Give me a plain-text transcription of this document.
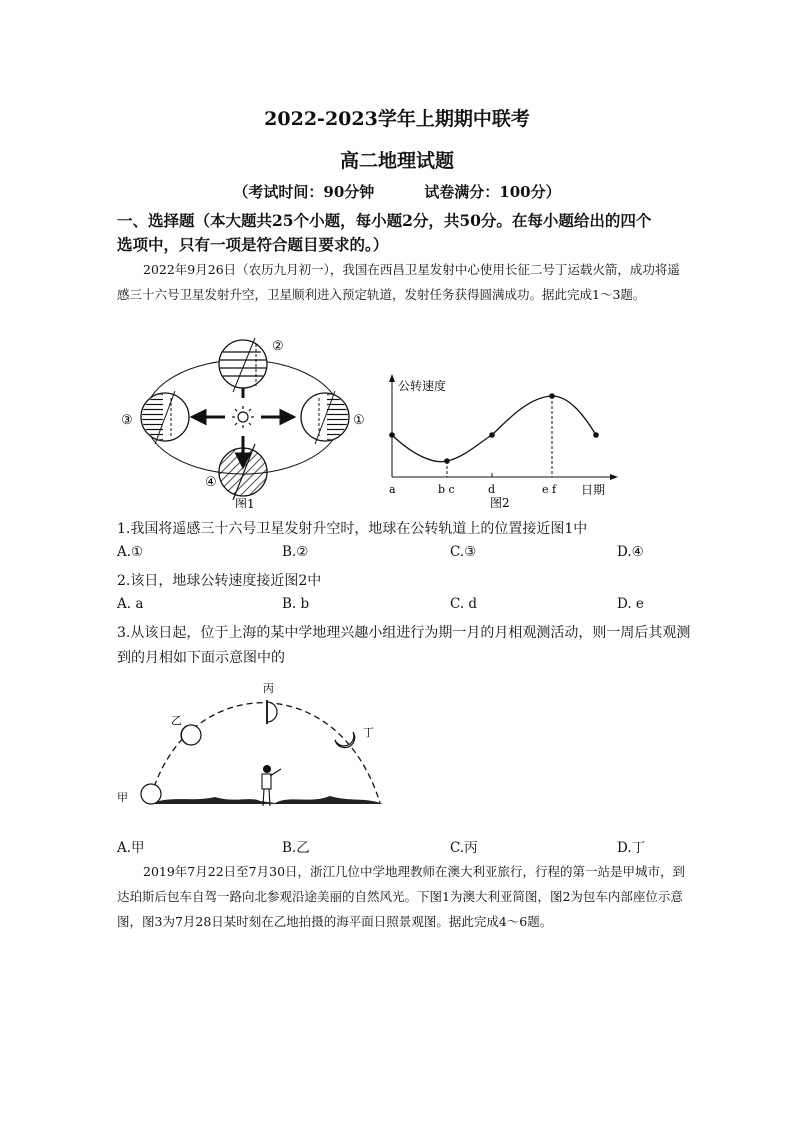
2022-2023学年上期期中联考
高二地理试题
（考试时间：90分钟	试卷满分：100分）
一、选择题（本大题共25个小题，每小题2分，共50分。在每小题给出的四个
选项中，只有一项是符合题目要求的。）
2022年9月26日（农历九月初一），我国在西昌卫星发射中心使用长征二号丁运载火箭，成功将遥感三十六号卫星发射升空，卫星顺利进入预定轨道，发射任务获得圆满成功。据此完成1～3题。
②
③	①
④
图1
公转速度
a	b c	d	e f 日期
图2
1.我国将遥感三十六号卫星发射升空时，地球在公转轨道上的位置接近图1中
A.①	B.②	C.③	D.④
2.该日，地球公转速度接近图2中
A. a	B. b	C. d	D. e
3.从该日起，位于上海的某中学地理兴趣小组进行为期一月的月相观测活动，则一周后其观测
到的月相如下面示意图中的
甲
乙
丙
丁
A.甲	B.乙	C.丙	D.丁
2019年7月22日至7月30日，浙江几位中学地理教师在澳大利亚旅行，行程的第一站是甲城市，到达珀斯后包车自驾一路向北参观沿途美丽的自然风光。下图1为澳大利亚简图，图2为包车内部座位示意图，图3为7月28日某时刻在乙地拍摄的海平面日照景观图。据此完成4～6题。
